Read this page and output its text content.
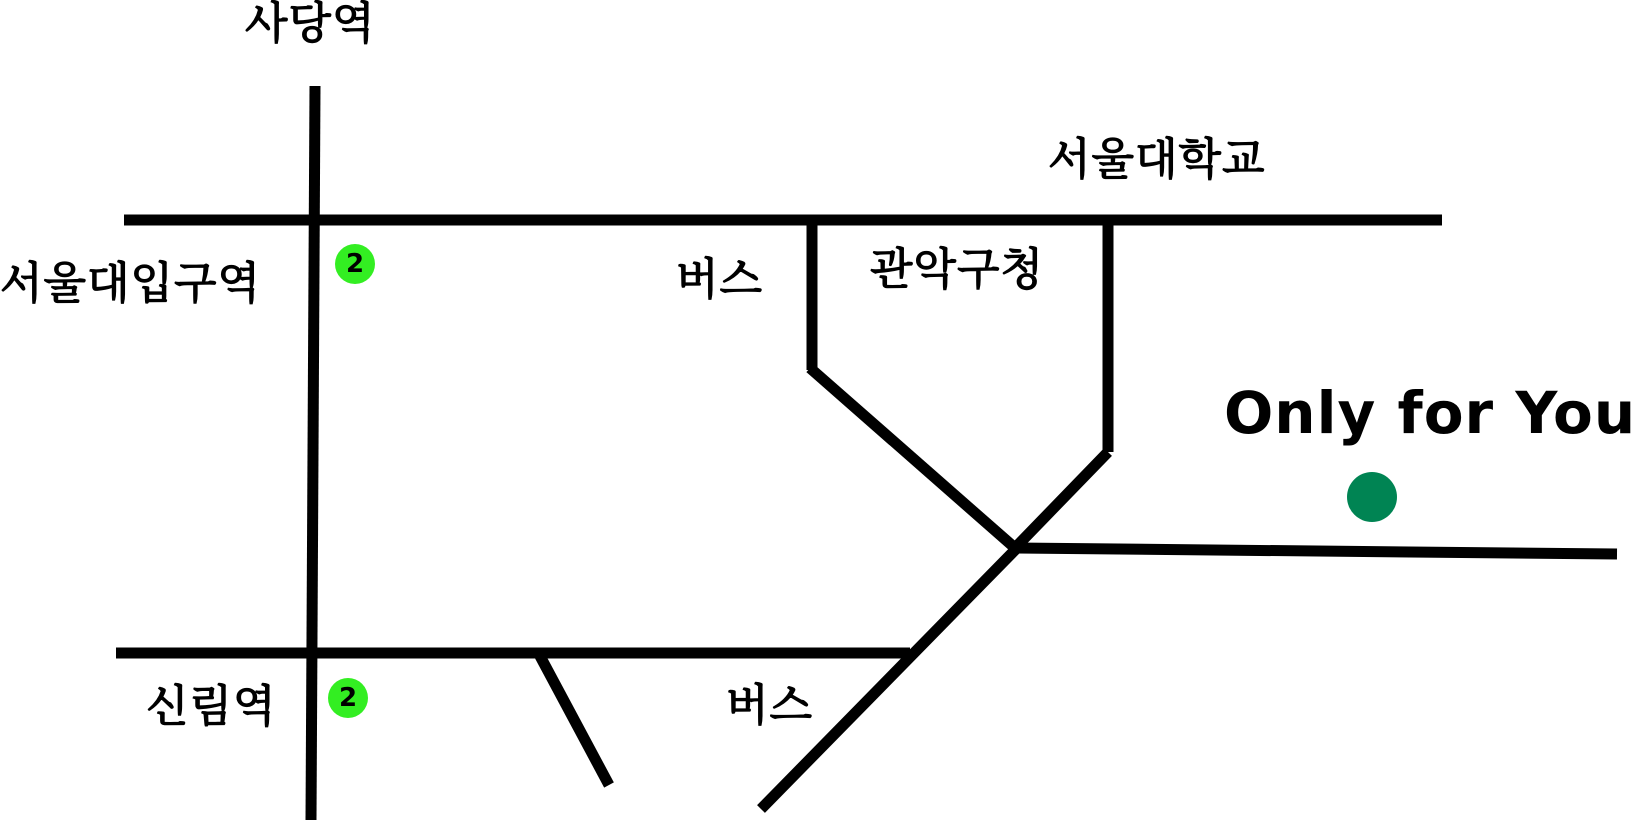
사당역
서울대학교
서울대입구역	버스 관악구청
신림역	버스
Only for You
2
2
